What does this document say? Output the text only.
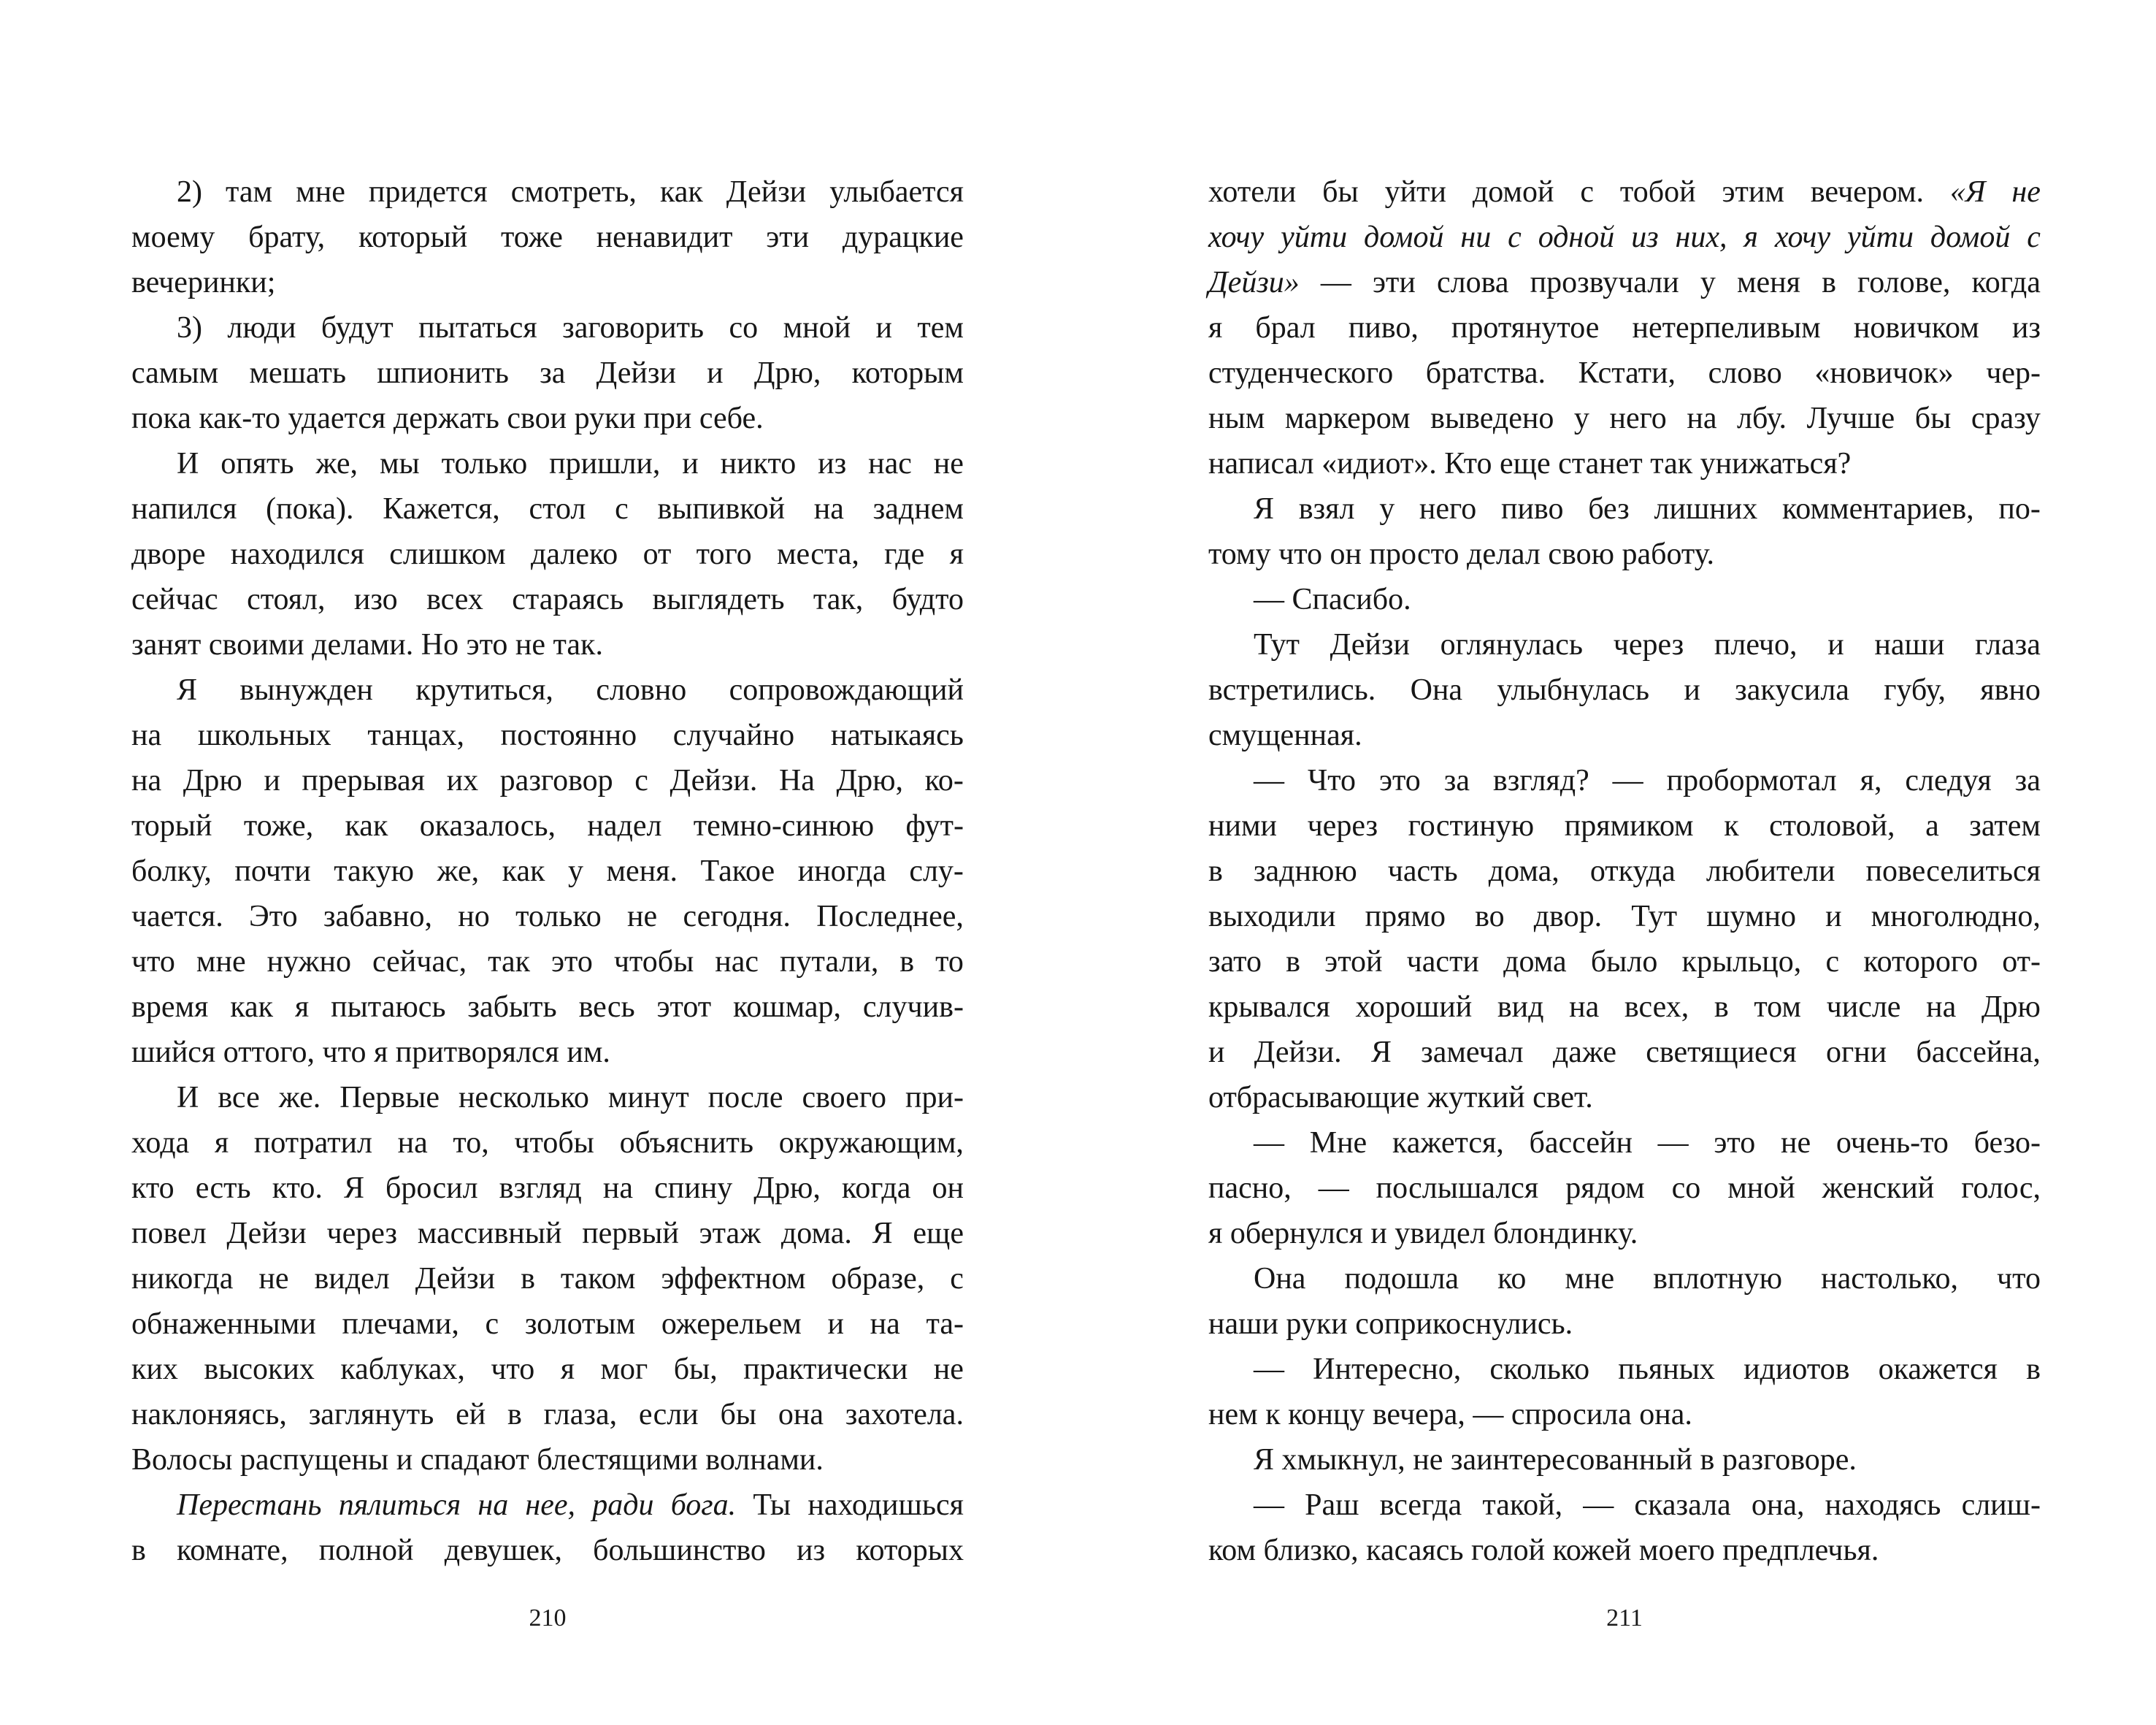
2) там мне придется смотреть, как Дейзи улыбается
моему брату, который тоже ненавидит эти дурацкие
вечеринки;
3) люди будут пытаться заговорить со мной и тем
самым мешать шпионить за Дейзи и Дрю, которым
пока как-то удается держать свои руки при себе.
И опять же, мы только пришли, и никто из нас не
напился (пока). Кажется, стол с выпивкой на заднем
дворе находился слишком далеко от того места, где я
сейчас стоял, изо всех стараясь выглядеть так, будто
занят своими делами. Но это не так.
Я вынужден крутиться, словно сопровождающий
на школьных танцах, постоянно случайно натыкаясь
на Дрю и прерывая их разговор с Дейзи. На Дрю, ко-
торый тоже, как оказалось, надел темно-синюю фут-
болку, почти такую же, как у меня. Такое иногда слу-
чается. Это забавно, но только не сегодня. Последнее,
что мне нужно сейчас, так это чтобы нас путали, в то
время как я пытаюсь забыть весь этот кошмар, случив-
шийся оттого, что я притворялся им.
И все же. Первые несколько минут после своего при-
хода я потратил на то, чтобы объяснить окружающим,
кто есть кто. Я бросил взгляд на спину Дрю, когда он
повел Дейзи через массивный первый этаж дома. Я еще
никогда не видел Дейзи в таком эффектном образе, с
обнаженными плечами, с золотым ожерельем и на та-
ких высоких каблуках, что я мог бы, практически не
наклоняясь, заглянуть ей в глаза, если бы она захотела.
Волосы распущены и спадают блестящими волнами.
Перестань пялиться на нее, ради бога. Ты находишься
в комнате, полной девушек, большинство из которых
210
хотели бы уйти домой с тобой этим вечером. «Я не
хочу уйти домой ни с одной из них, я хочу уйти домой с
Дейзи» — эти слова прозвучали у меня в голове, когда
я брал пиво, протянутое нетерпеливым новичком из
студенческого братства. Кстати, слово «новичок» чер-
ным маркером выведено у него на лбу. Лучше бы сразу
написал «идиот». Кто еще станет так унижаться?
Я взял у него пиво без лишних комментариев, по-
тому что он просто делал свою работу.
— Спасибо.
Тут Дейзи оглянулась через плечо, и наши глаза
встретились. Она улыбнулась и закусила губу, явно
смущенная.
— Что это за взгляд? — пробормотал я, следуя за
ними через гостиную прямиком к столовой, а затем
в заднюю часть дома, откуда любители повеселиться
выходили прямо во двор. Тут шумно и многолюдно,
зато в этой части дома было крыльцо, с которого от-
крывался хороший вид на всех, в том числе на Дрю
и Дейзи. Я замечал даже светящиеся огни бассейна,
отбрасывающие жуткий свет.
— Мне кажется, бассейн — это не очень-то безо-
пасно, — послышался рядом со мной женский голос,
я обернулся и увидел блондинку.
Она подошла ко мне вплотную настолько, что
наши руки соприкоснулись.
— Интересно, сколько пьяных идиотов окажется в
нем к концу вечера, — спросила она.
Я хмыкнул, не заинтересованный в разговоре.
— Раш всегда такой, — сказала она, находясь слиш-
ком близко, касаясь голой кожей моего предплечья.
211
